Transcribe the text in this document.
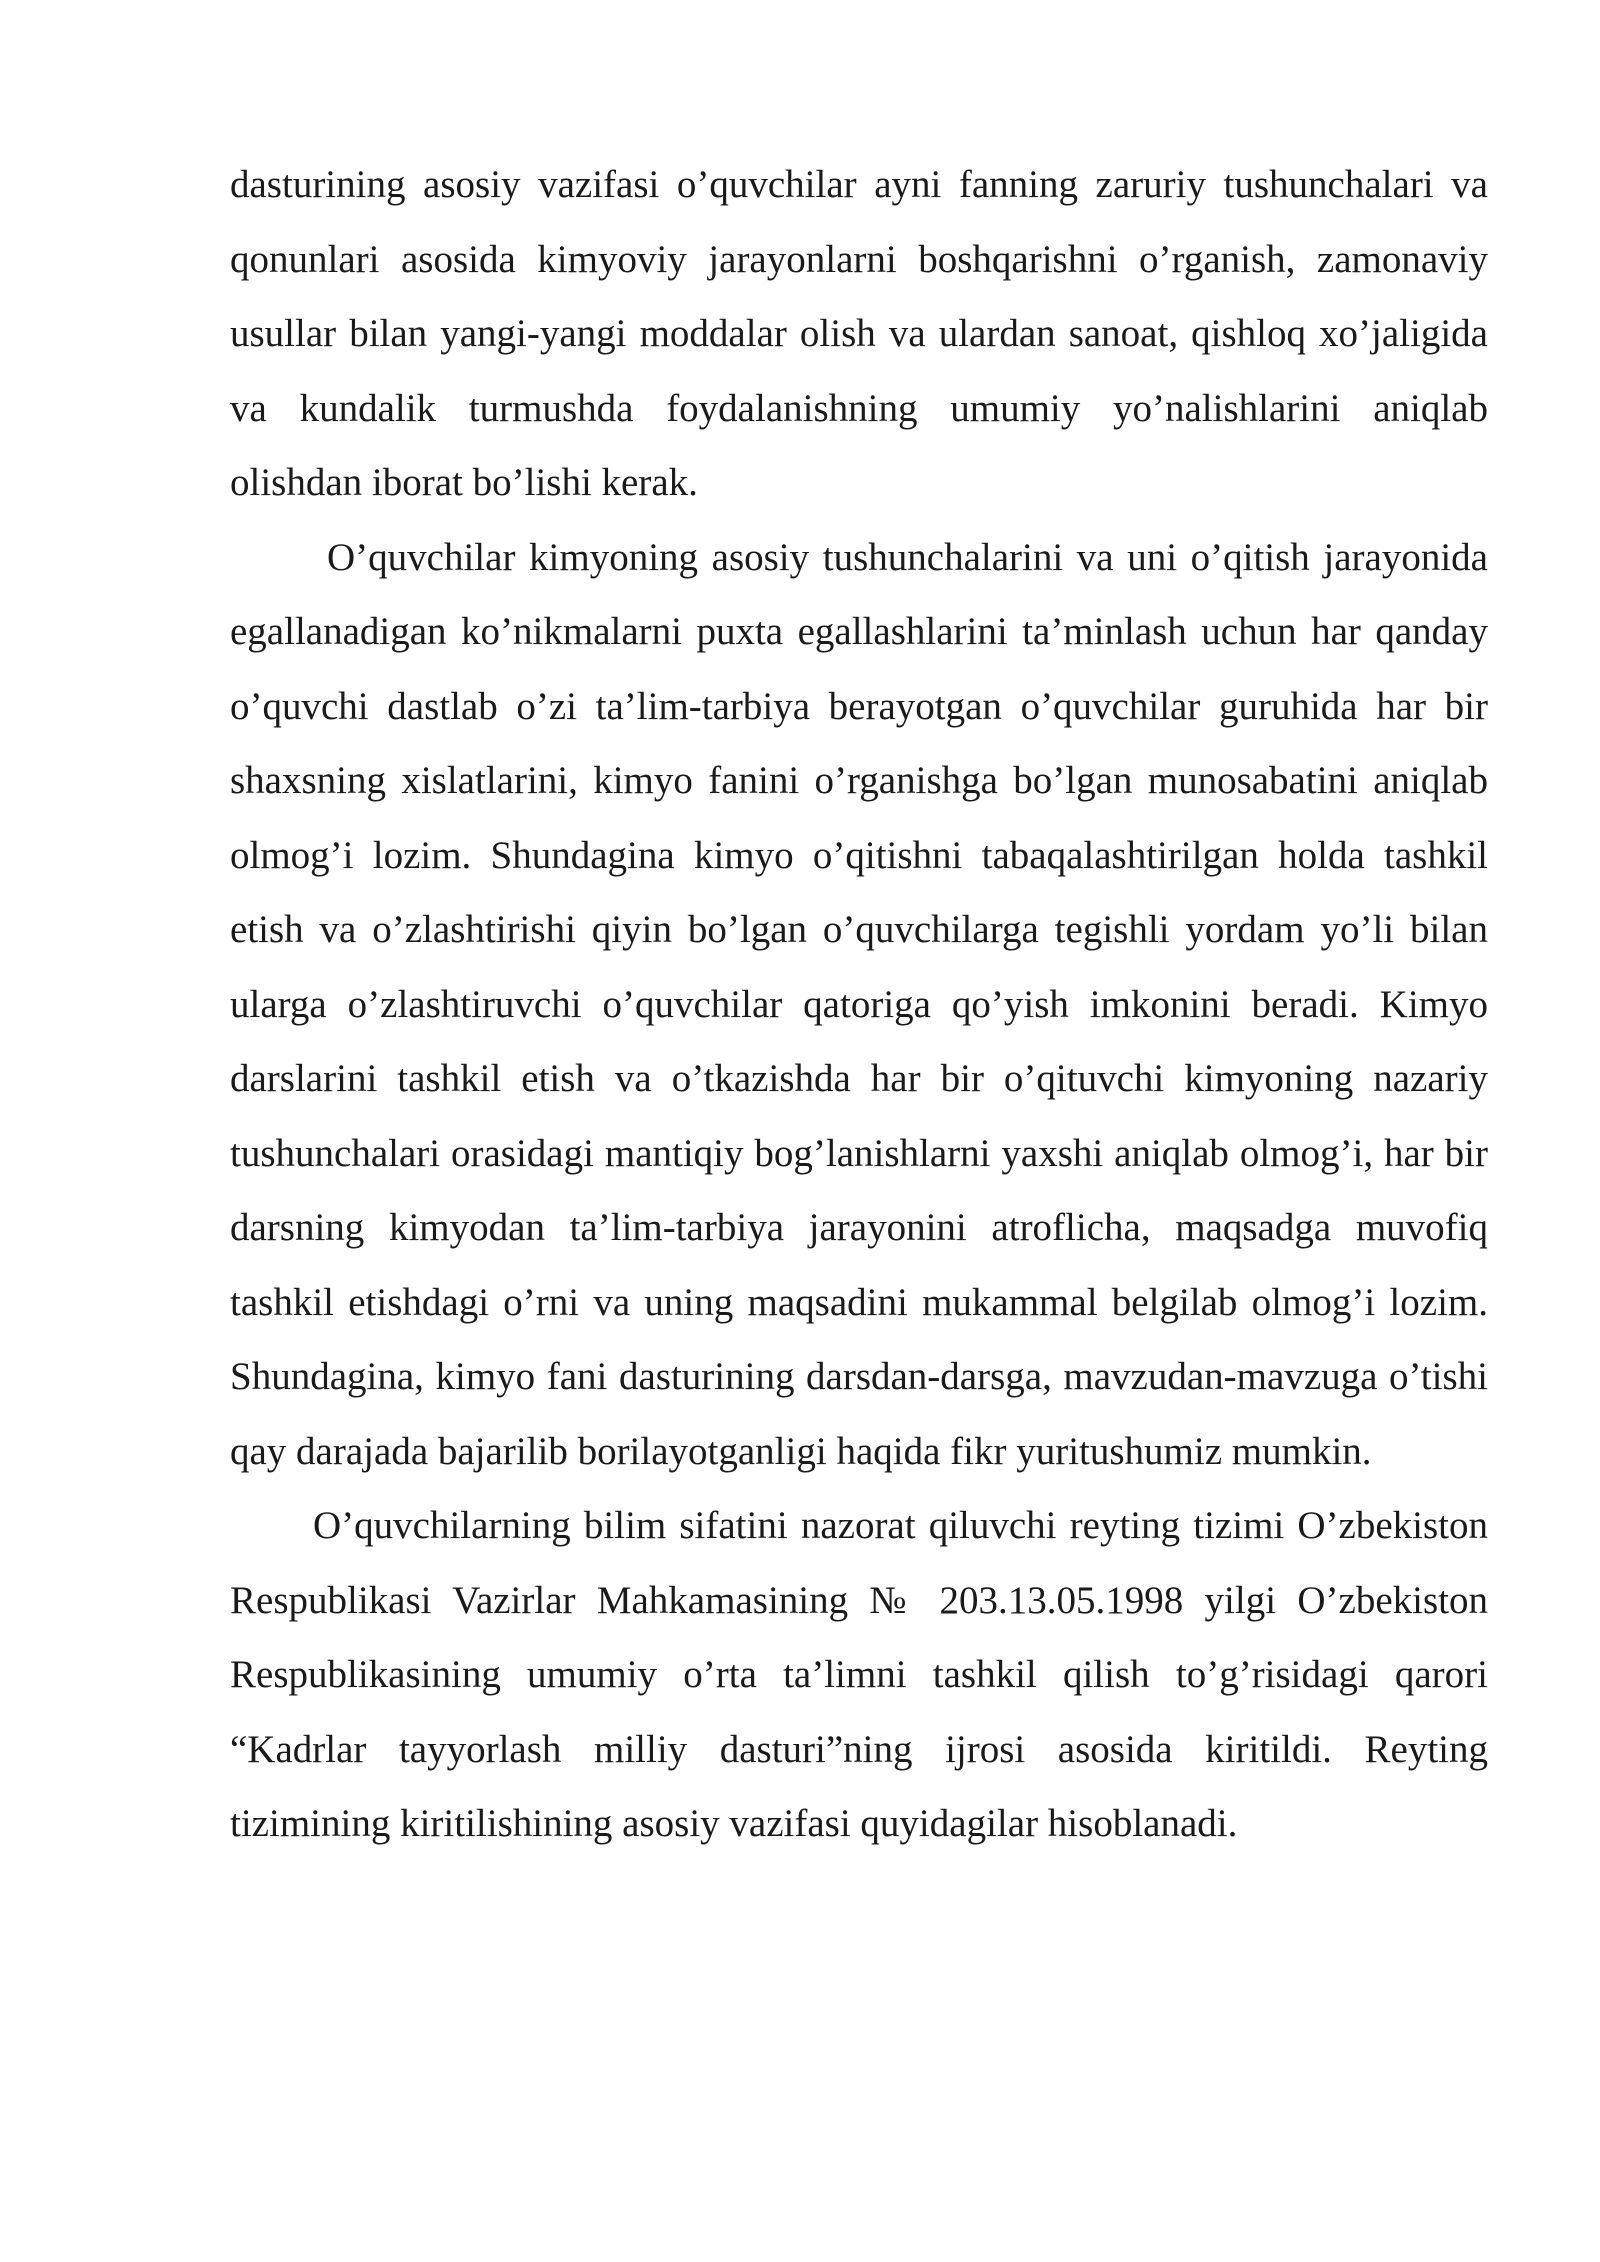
dasturining asosiy vazifasi o’quvchilar ayni fanning zaruriy tushunchalari va qonunlari asosida kimyoviy jarayonlarni boshqarishni o’rganish, zamonaviy usullar bilan yangi-yangi moddalar olish va ulardan sanoat, qishloq xo’jaligida va kundalik turmushda foydalanishning umumiy yo’nalishlarini aniqlab olishdan iborat bo’lishi kerak.

O’quvchilar kimyoning asosiy tushunchalarini va uni o’qitish jarayonida egallanadigan ko’nikmalarni puxta egallashlarini ta’minlash uchun har qanday o’quvchi dastlab o’zi ta’lim-tarbiya berayotgan o’quvchilar guruhida har bir shaxsning xislatlarini, kimyo fanini o’rganishga bo’lgan munosabatini aniqlab olmog’i lozim. Shundagina kimyo o’qitishni tabaqalashtirilgan holda tashkil etish va o’zlashtirishi qiyin bo’lgan o’quvchilarga tegishli yordam yo’li bilan ularga o’zlashtiruvchi o’quvchilar qatoriga qo’yish imkonini beradi. Kimyo darslarini tashkil etish va o’tkazishda har bir o’qituvchi kimyoning nazariy tushunchalari orasidagi mantiqiy bog’lanishlarni yaxshi aniqlab olmog’i, har bir darsning kimyodan ta’lim-tarbiya jarayonini atroflicha, maqsadga muvofiq tashkil etishdagi o’rni va uning maqsadini mukammal belgilab olmog’i lozim. Shundagina, kimyo fani dasturining darsdan-darsga, mavzudan-mavzuga o’tishi qay darajada bajarilib borilayotganligi haqida fikr yuritushumiz mumkin.

O’quvchilarning bilim sifatini nazorat qiluvchi reyting tizimi O’zbekiston Respublikasi Vazirlar Mahkamasining № 203.13.05.1998 yilgi O’zbekiston Respublikasining umumiy o’rta ta’limni tashkil qilish to’g’risidagi qarori “Kadrlar tayyorlash milliy dasturi”ning ijrosi asosida kiritildi. Reyting tizimining kiritilishining asosiy vazifasi quyidagilar hisoblanadi.
